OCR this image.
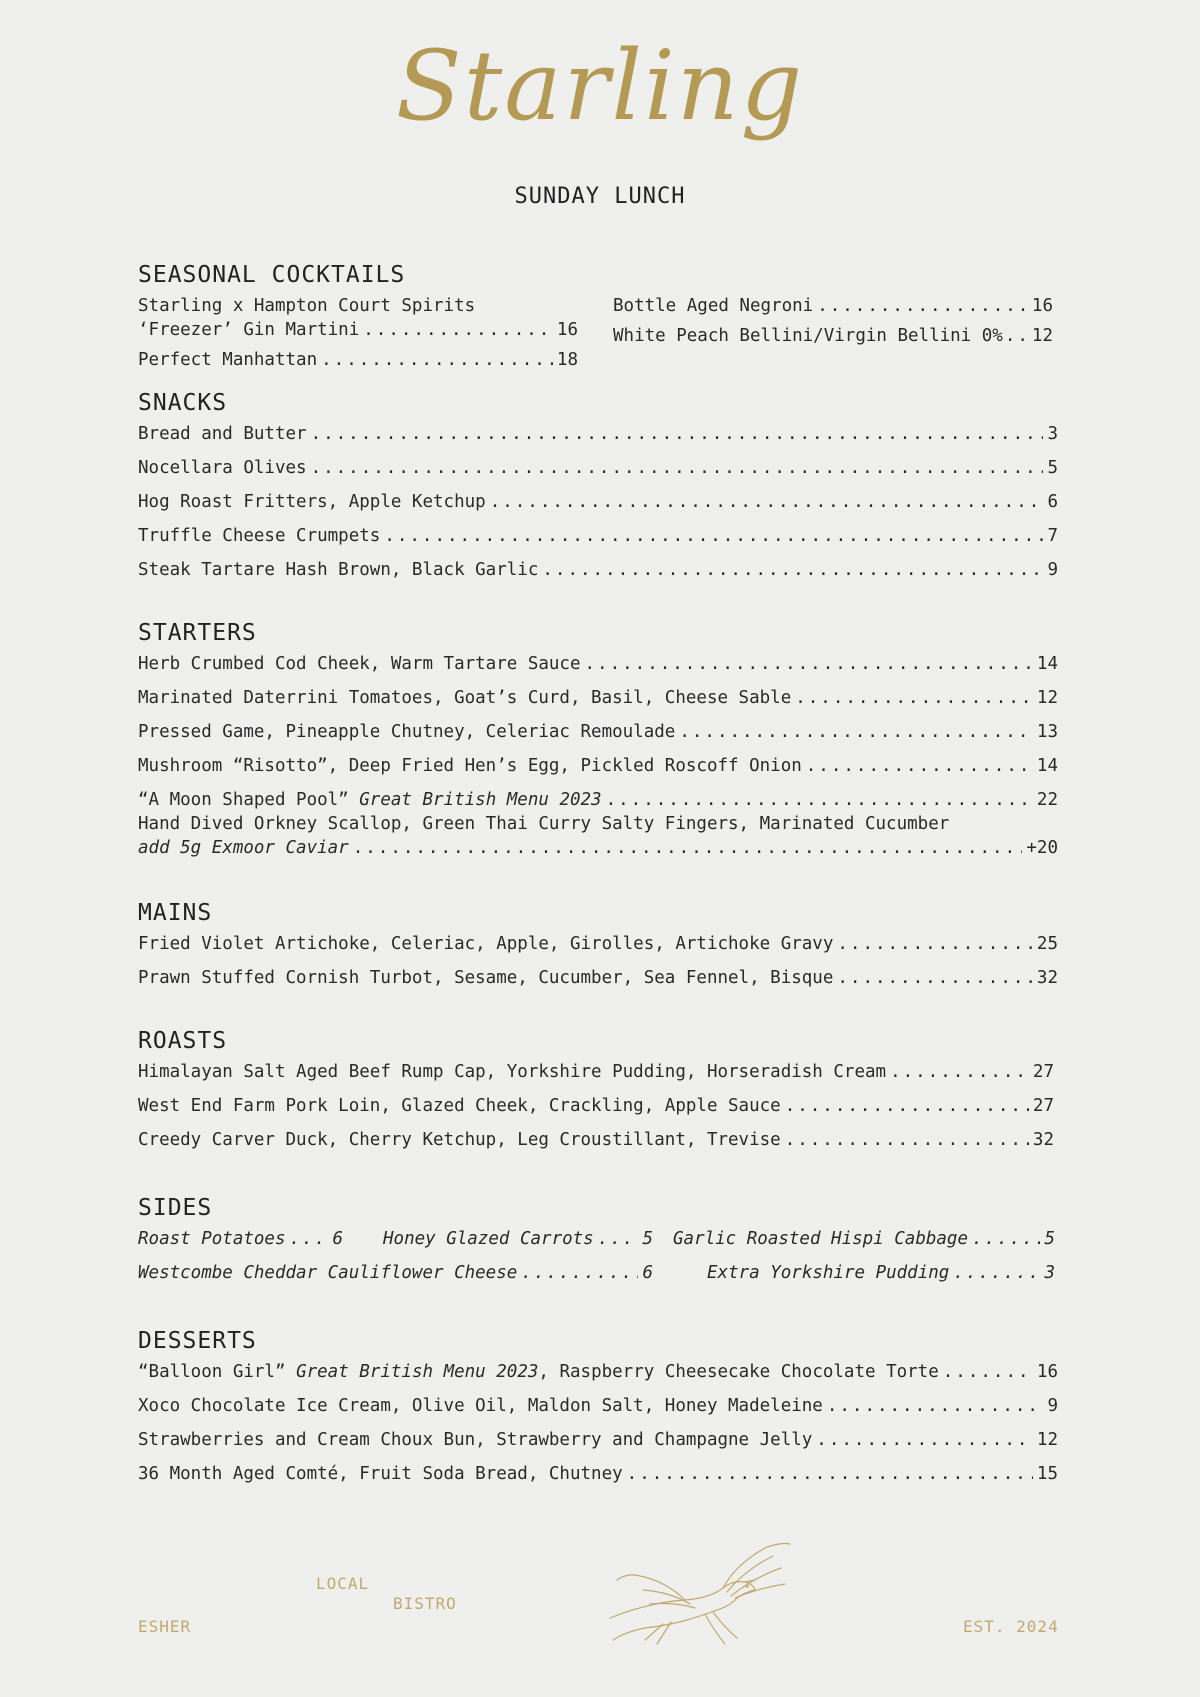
Starling
SUNDAY LUNCH
SEASONAL COCKTAILS
Starling x Hampton Court Spirits
‘Freezer’ Gin Martini .....	16
Perfect Manhattan .....	18
Bottle Aged Negroni .....	16
White Peach Bellini/Virgin Bellini 0% ..... 12
SNACKS
Bread and Butter .....	3
Nocellara Olives .....	5
Hog Roast Fritters, Apple Ketchup .....	6
Truffle Cheese Crumpets .....	7
Steak Tartare Hash Brown, Black Garlic .....	9
STARTERS
Herb Crumbed Cod Cheek, Warm Tartare Sauce .....	14
Marinated Daterrini Tomatoes, Goat’s Curd, Basil, Cheese Sable .....	12
Pressed Game, Pineapple Chutney, Celeriac Remoulade .....	13
Mushroom “Risotto”, Deep Fried Hen’s Egg, Pickled Roscoff Onion .....	14
“A Moon Shaped Pool” Great British Menu 2023 .....	22
Hand Dived Orkney Scallop, Green Thai Curry Salty Fingers, Marinated Cucumber
add 5g Exmoor Caviar .....	+20
MAINS
Fried Violet Artichoke, Celeriac, Apple, Girolles, Artichoke Gravy .....	25
Prawn Stuffed Cornish Turbot, Sesame, Cucumber, Sea Fennel, Bisque .....	32
ROASTS
Himalayan Salt Aged Beef Rump Cap, Yorkshire Pudding, Horseradish Cream .....	27
West End Farm Pork Loin, Glazed Cheek, Crackling, Apple Sauce .....	27
Creedy Carver Duck, Cherry Ketchup, Leg Croustillant, Trevise .....	32
SIDES
Roast Potatoes .....	6 Honey Glazed Carrots .....	5 Garlic Roasted Hispi Cabbage .....	5
Westcombe Cheddar Cauliflower Cheese .....	6	Extra Yorkshire Pudding .....	3
DESSERTS
“Balloon Girl” Great British Menu 2023, Raspberry Cheesecake Chocolate Torte .....	16
Xoco Chocolate Ice Cream, Olive Oil, Maldon Salt, Honey Madeleine .....	9
Strawberries and Cream Choux Bun, Strawberry and Champagne Jelly .....	12
36 Month Aged Comté, Fruit Soda Bread, Chutney .....	15
ESHER
LOCAL
BISTRO
EST. 2024
